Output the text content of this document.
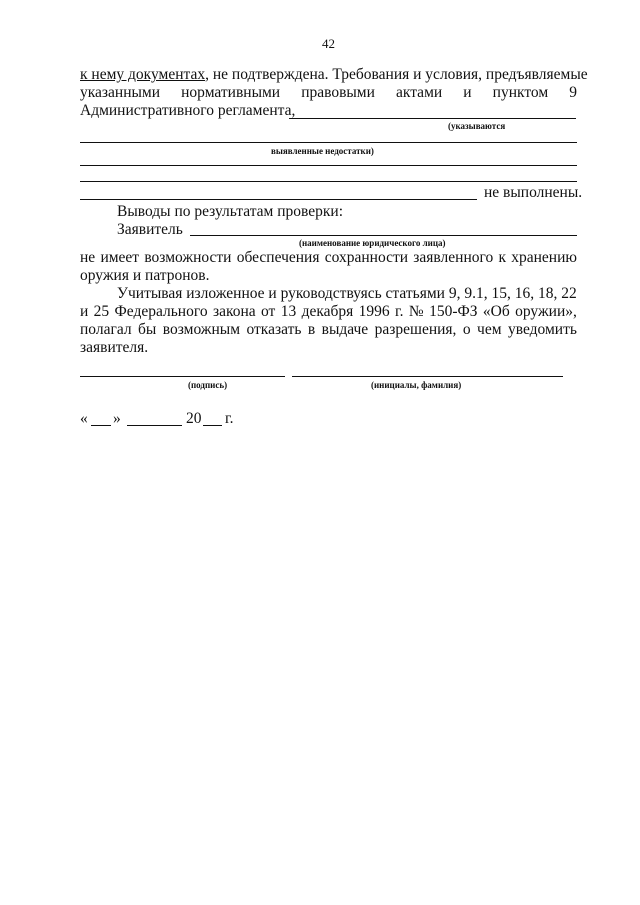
42
к нему документах, не подтверждена. Требования и условия, предъявляемые
указанными нормативными правовыми актами и пунктом 9
Административного регламента,
(указываются
выявленные недостатки)
не выполнены.
Выводы по результатам проверки:
Заявитель
(наименование юридического лица)
не имеет возможности обеспечения сохранности заявленного к хранению
оружия и патронов.
Учитывая изложенное и руководствуясь статьями 9, 9.1, 15, 16, 18, 22
и 25 Федерального закона от 13 декабря 1996 г. № 150-ФЗ «Об оружии»,
полагал бы возможным отказать в выдаче разрешения, о чем уведомить
заявителя.
(подпись)	(инициалы, фамилия)
« »	20 г.
